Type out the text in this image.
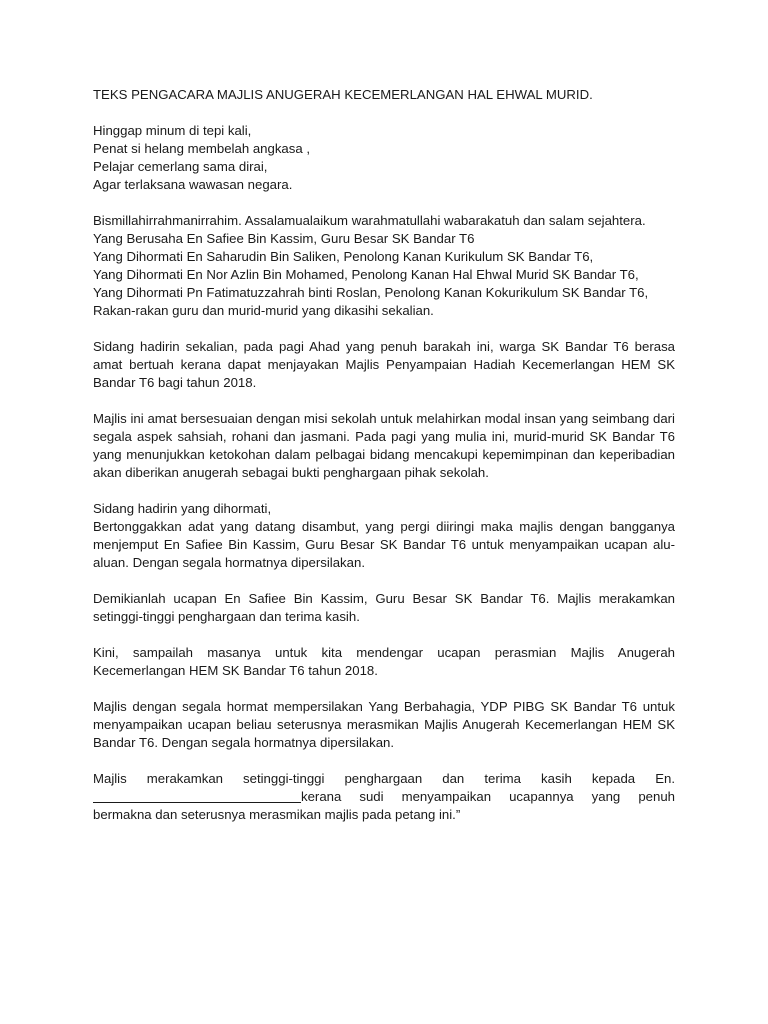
TEKS PENGACARA MAJLIS ANUGERAH KECEMERLANGAN HAL EHWAL MURID.
Hinggap minum di tepi kali,
Penat si helang membelah angkasa ,
Pelajar cemerlang sama dirai,
Agar terlaksana wawasan negara.
Bismillahirrahmanirrahim. Assalamualaikum warahmatullahi wabarakatuh dan salam sejahtera.
Yang Berusaha En Safiee Bin Kassim, Guru Besar SK Bandar T6
Yang Dihormati En Saharudin Bin Saliken, Penolong Kanan Kurikulum SK Bandar T6,
Yang Dihormati En Nor Azlin Bin Mohamed, Penolong Kanan Hal Ehwal Murid SK Bandar T6,
Yang Dihormati Pn Fatimatuzzahrah binti Roslan, Penolong Kanan Kokurikulum SK Bandar T6,
Rakan-rakan guru dan murid-murid yang dikasihi sekalian.
Sidang hadirin sekalian, pada pagi Ahad yang penuh barakah ini, warga SK Bandar T6 berasa amat bertuah kerana dapat menjayakan Majlis Penyampaian Hadiah Kecemerlangan HEM SK Bandar T6 bagi tahun 2018.
Majlis ini amat bersesuaian dengan misi sekolah untuk melahirkan modal insan yang seimbang dari segala aspek sahsiah, rohani dan jasmani. Pada pagi yang mulia ini, murid-murid SK Bandar T6 yang menunjukkan ketokohan dalam pelbagai bidang mencakupi kepemimpinan dan keperibadian akan diberikan anugerah sebagai bukti penghargaan pihak sekolah.
Sidang hadirin yang dihormati,
Bertonggakkan adat yang datang disambut, yang pergi diiringi maka majlis dengan bangganya menjemput En Safiee Bin Kassim, Guru Besar SK Bandar T6 untuk menyampaikan ucapan alu-aluan. Dengan segala hormatnya dipersilakan.
Demikianlah ucapan En Safiee Bin Kassim, Guru Besar SK Bandar T6. Majlis merakamkan setinggi-tinggi penghargaan dan terima kasih.
Kini, sampailah masanya untuk kita mendengar ucapan perasmian Majlis Anugerah Kecemerlangan HEM SK Bandar T6 tahun 2018.
Majlis dengan segala hormat mempersilakan Yang Berbahagia, YDP PIBG SK Bandar T6 untuk menyampaikan ucapan beliau seterusnya merasmikan Majlis Anugerah Kecemerlangan HEM SK Bandar T6. Dengan segala hormatnya dipersilakan.
Majlis merakamkan setinggi-tinggi penghargaan dan terima kasih kepada En.
kerana sudi menyampaikan ucapannya yang penuh
bermakna dan seterusnya merasmikan majlis pada petang ini.”
